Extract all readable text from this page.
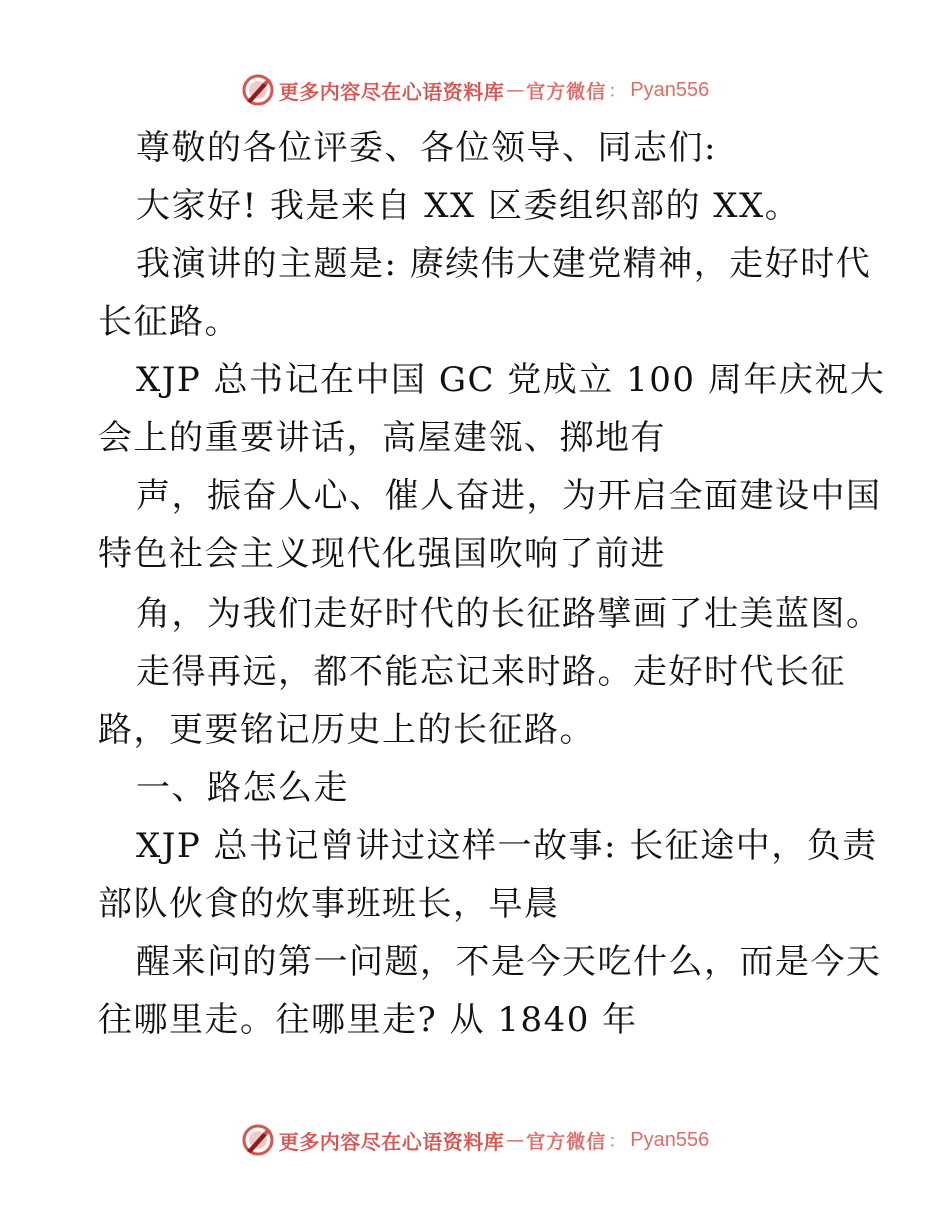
更多内容尽在心语资料库 — 官方微信 ： Pyan556
尊敬的各位评委、各位领导、同志们:
大家好! 我是来自 XX 区委组织部的 XX。
我演讲的主题是: 赓续伟大建党精神，走好时代
长征路。
XJP 总书记在中国 GC 党成立 100 周年庆祝大
会上的重要讲话，高屋建瓴、掷地有
声，振奋人心、催人奋进，为开启全面建设中国
特色社会主义现代化强国吹响了前进
角，为我们走好时代的长征路擘画了壮美蓝图。
走得再远，都不能忘记来时路。走好时代长征
路，更要铭记历史上的长征路。
一、路怎么走
XJP 总书记曾讲过这样一故事: 长征途中，负责
部队伙食的炊事班班长，早晨
醒来问的第一问题，不是今天吃什么，而是今天
往哪里走。往哪里走? 从 1840 年
更多内容尽在心语资料库 — 官方微信 ： Pyan556
